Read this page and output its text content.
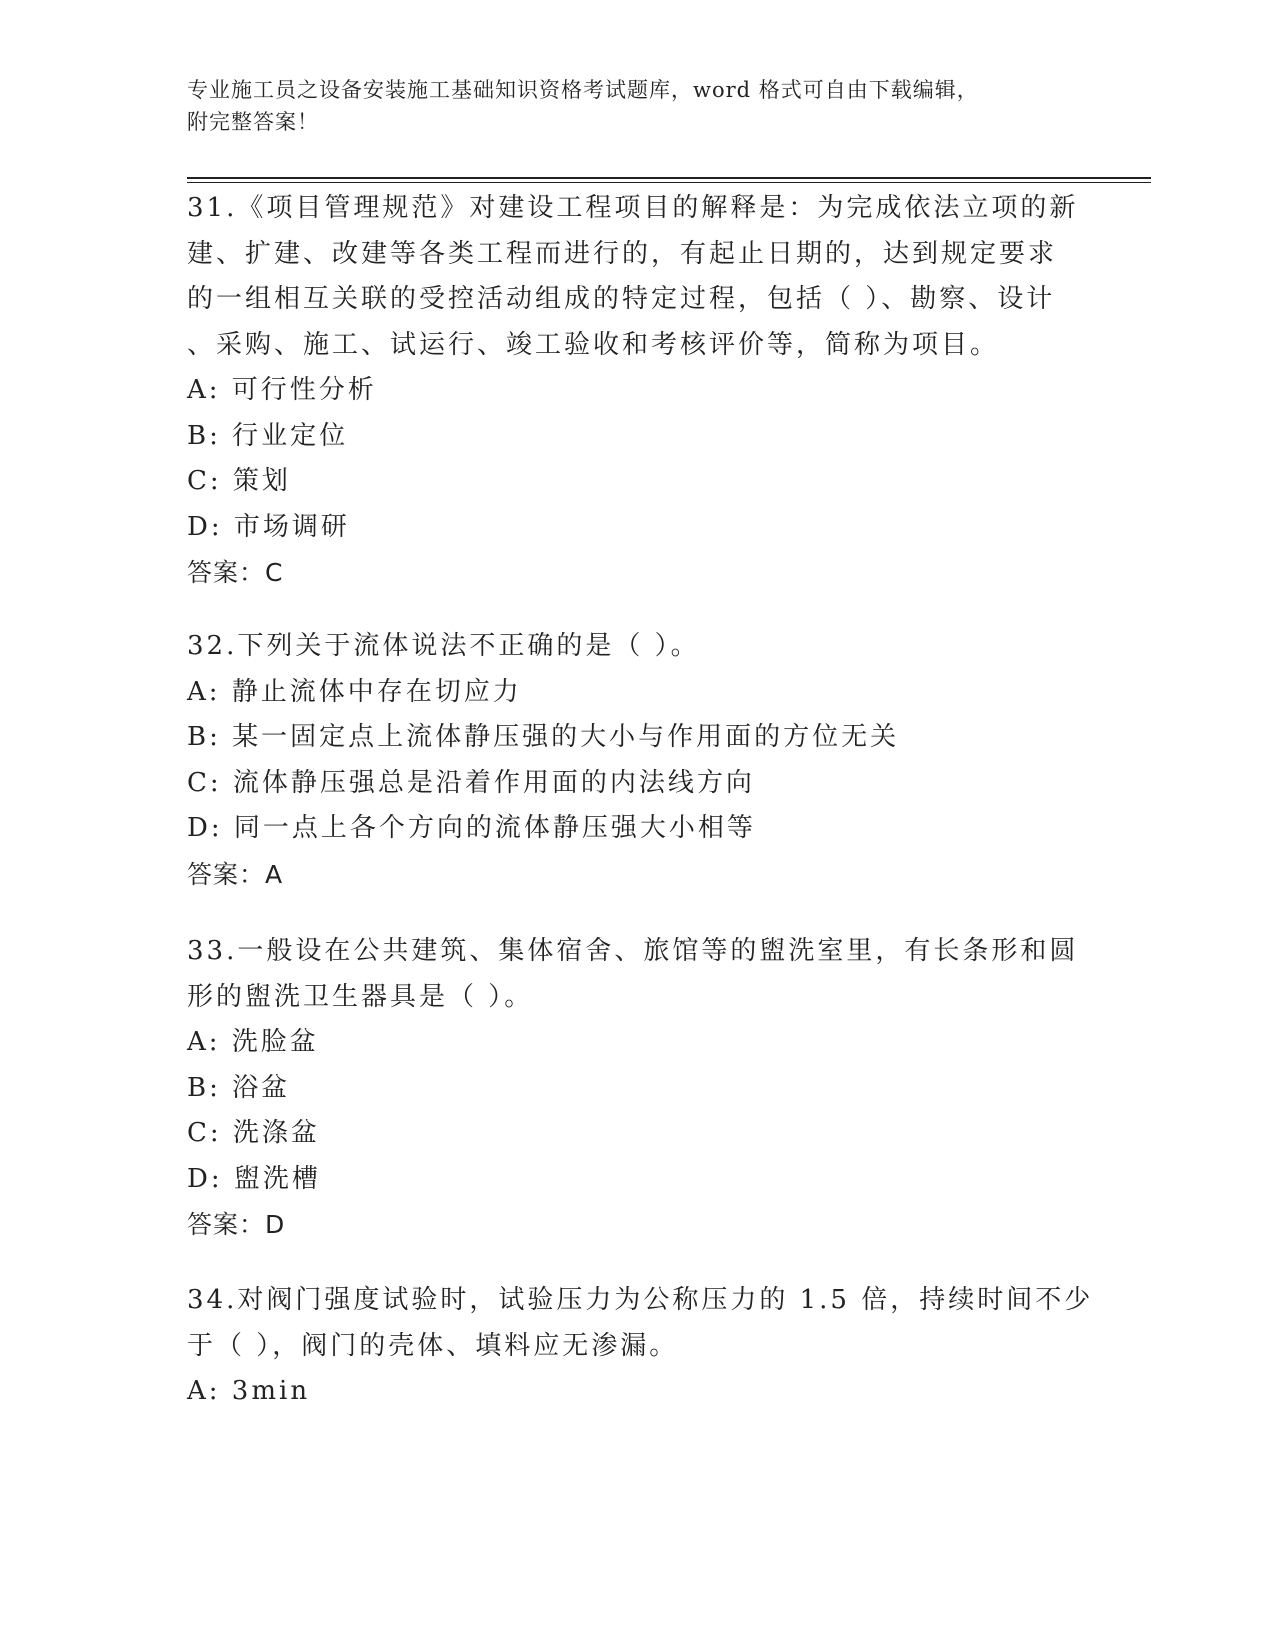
专业施工员之设备安装施工基础知识资格考试题库，word 格式可自由下载编辑，
附完整答案！
31.《项目管理规范》对建设工程项目的解释是：为完成依法立项的新
建、扩建、改建等各类工程而进行的，有起止日期的，达到规定要求
的一组相互关联的受控活动组成的特定过程，包括（ ）、勘察、设计
、采购、施工、试运行、竣工验收和考核评价等，简称为项目。
A: 可行性分析
B: 行业定位
C: 策划
D: 市场调研
答案：C
32.下列关于流体说法不正确的是（ ）。
A: 静止流体中存在切应力
B: 某一固定点上流体静压强的大小与作用面的方位无关
C: 流体静压强总是沿着作用面的内法线方向
D: 同一点上各个方向的流体静压强大小相等
答案：A
33.一般设在公共建筑、集体宿舍、旅馆等的盥洗室里，有长条形和圆
形的盥洗卫生器具是（ ）。
A: 洗脸盆
B: 浴盆
C: 洗涤盆
D: 盥洗槽
答案：D
34.对阀门强度试验时，试验压力为公称压力的 1.5 倍，持续时间不少
于（ ），阀门的壳体、填料应无渗漏。
A: 3min
